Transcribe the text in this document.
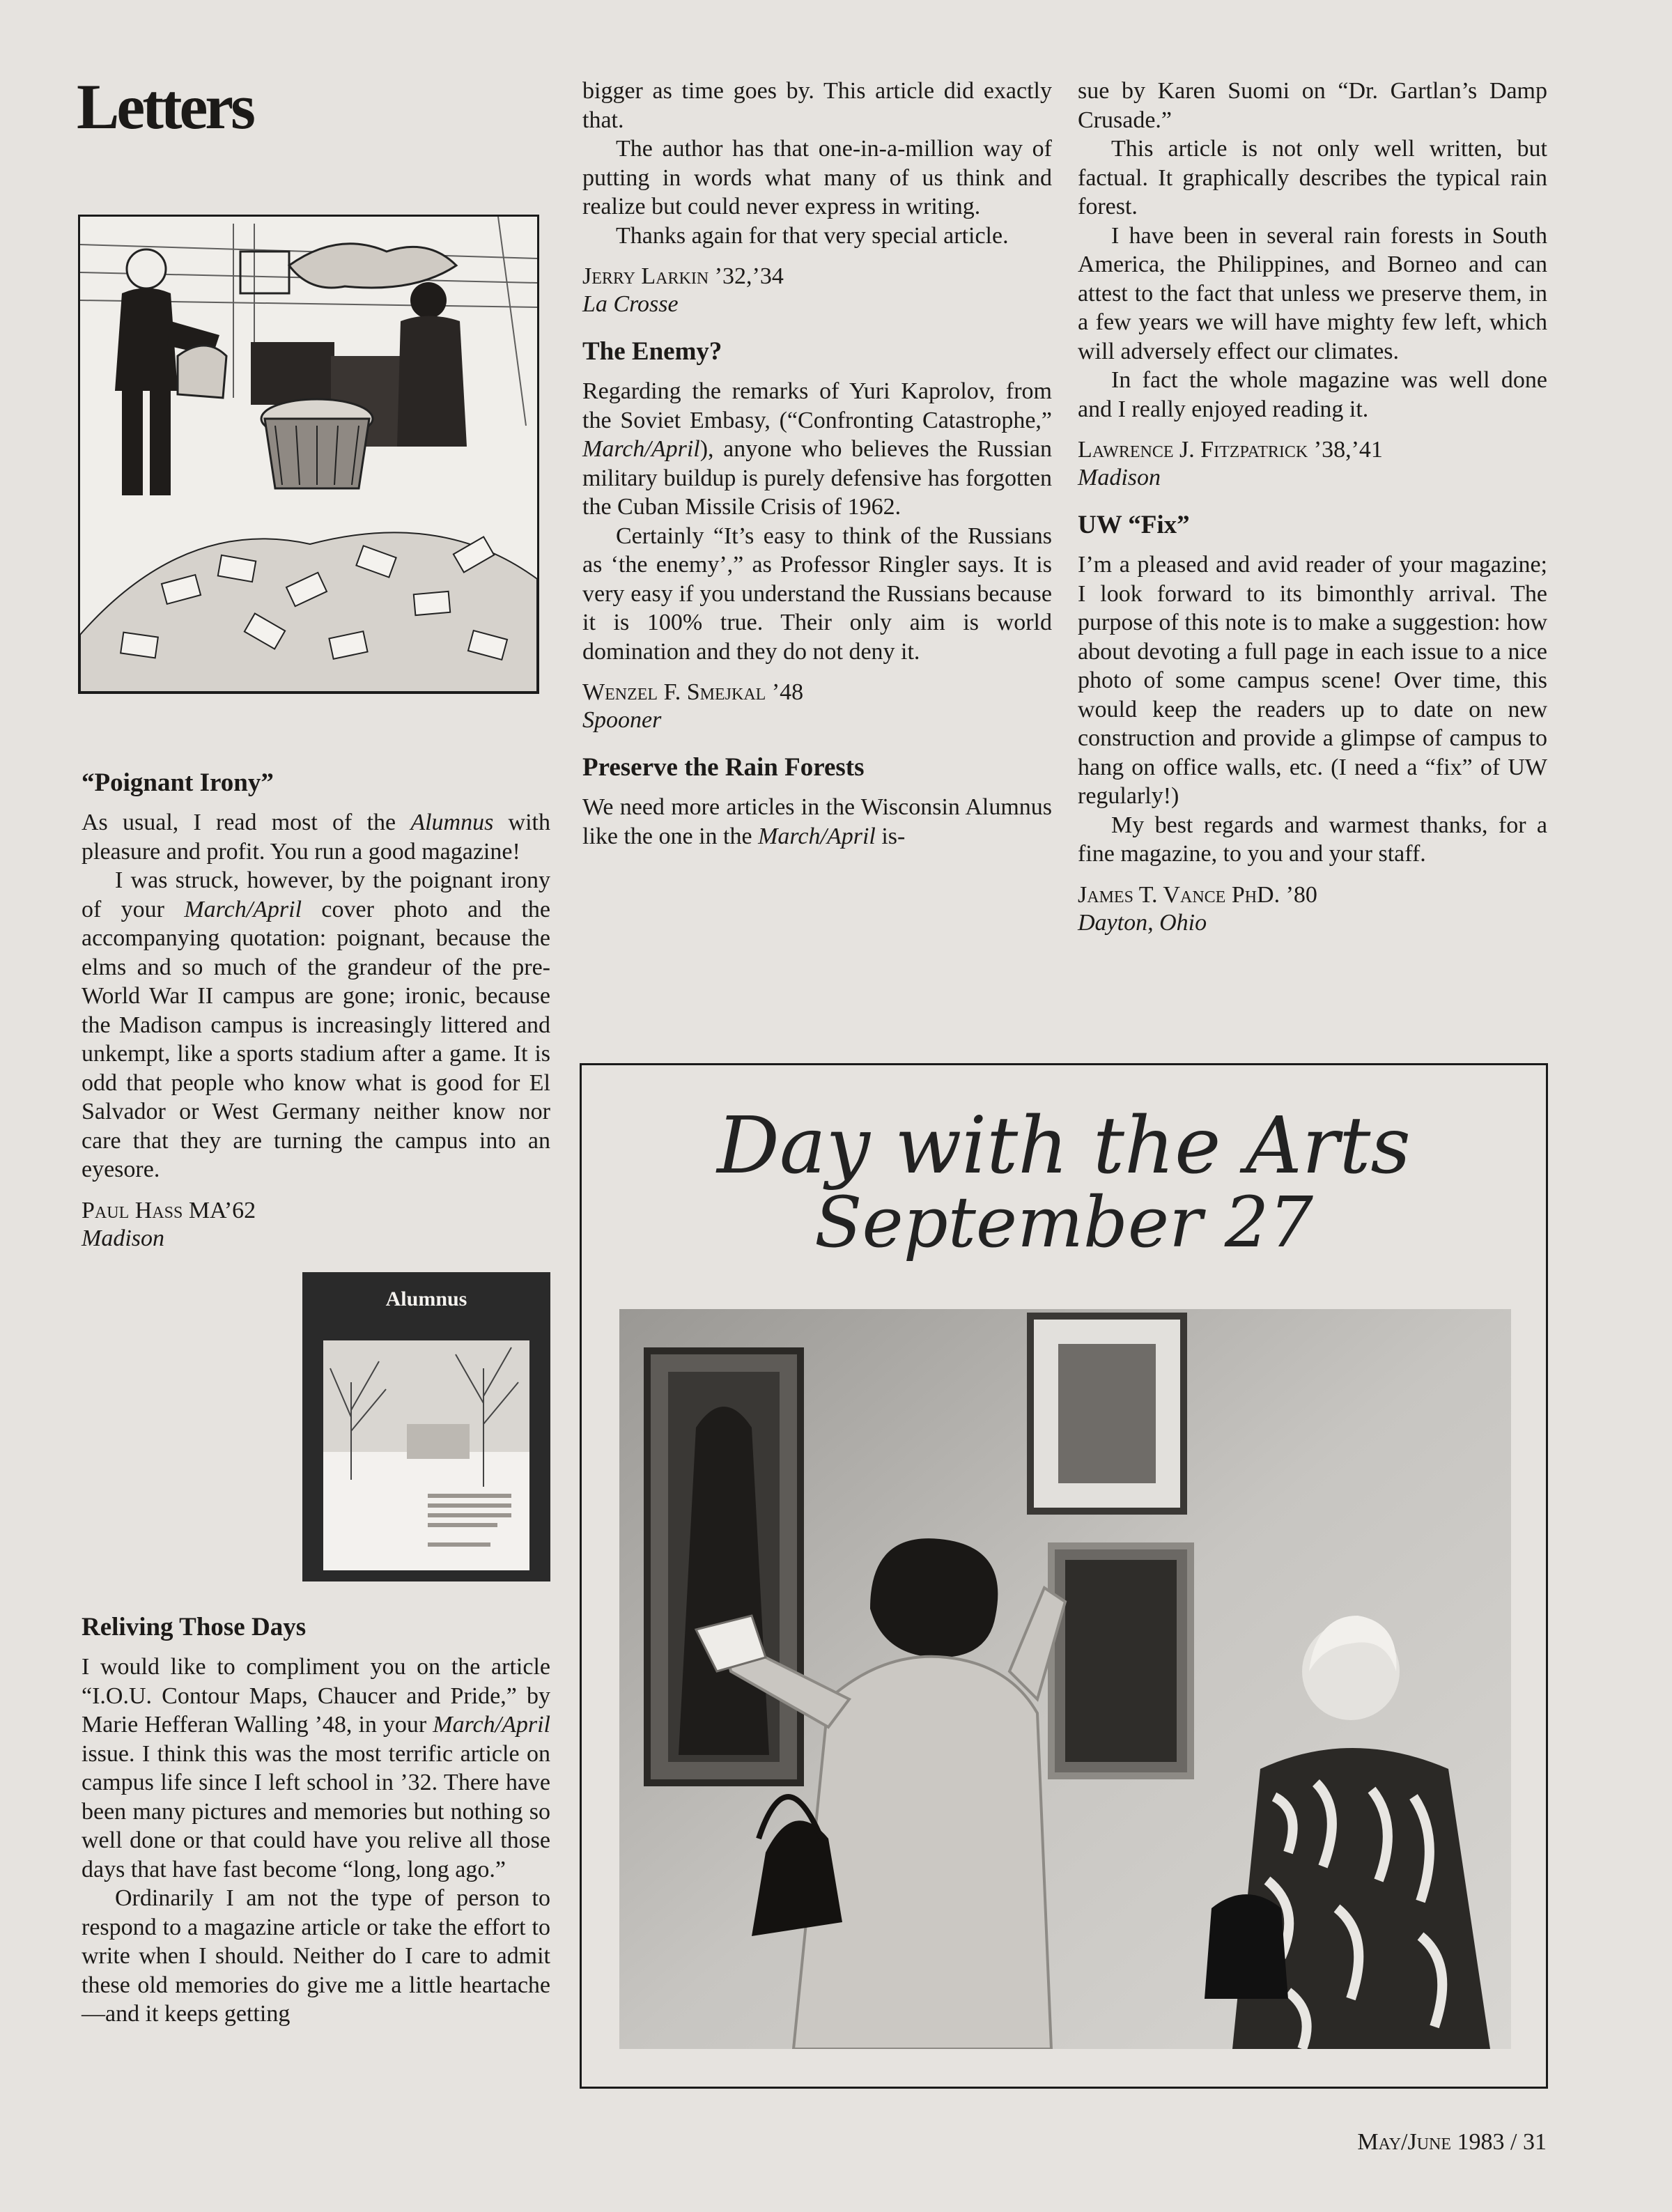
Letters
“Poignant Irony”

As usual, I read most of the Alumnus with pleasure and profit. You run a good magazine!

I was struck, however, by the poignant irony of your March/April cover photo and the accompanying quotation: poignant, because the elms and so much of the grandeur of the pre-World War II campus are gone; ironic, because the Madison campus is increasingly littered and unkempt, like a sports stadium after a game. It is odd that people who know what is good for El Salvador or West Germany neither know nor care that they are turning the campus into an eyesore.

Paul Hass MA’62
Madison
Alumnus
Reliving Those Days

I would like to compliment you on the article “I.O.U. Contour Maps, Chaucer and Pride,” by Marie Hefferan Walling ’48, in your March/April issue. I think this was the most terrific article on campus life since I left school in ’32. There have been many pictures and memories but nothing so well done or that could have you relive all those days that have fast become “long, long ago.”

Ordinarily I am not the type of person to respond to a magazine article or take the effort to write when I should. Neither do I care to admit these old memories do give me a little heartache—and it keeps getting

bigger as time goes by. This article did exactly that.

The author has that one-in-a-million way of putting in words what many of us think and realize but could never express in writing.

Thanks again for that very special article.

Jerry Larkin ’32,’34
La Crosse
The Enemy?

Regarding the remarks of Yuri Kaprolov, from the Soviet Embasy, (“Confronting Catastrophe,” March/April), anyone who believes the Russian military buildup is purely defensive has forgotten the Cuban Missile Crisis of 1962.

Certainly “It’s easy to think of the Russians as ‘the enemy’,” as Professor Ringler says. It is very easy if you understand the Russians because it is 100% true. Their only aim is world domination and they do not deny it.

Wenzel F. Smejkal ’48
Spooner
Preserve the Rain Forests

We need more articles in the Wisconsin Alumnus like the one in the March/April is-

sue by Karen Suomi on “Dr. Gartlan’s Damp Crusade.”

This article is not only well written, but factual. It graphically describes the typical rain forest.

I have been in several rain forests in South America, the Philippines, and Borneo and can attest to the fact that unless we preserve them, in a few years we will have mighty few left, which will adversely effect our climates.

In fact the whole magazine was well done and I really enjoyed reading it.

Lawrence J. Fitzpatrick ’38,’41
Madison
UW “Fix”

I’m a pleased and avid reader of your magazine; I look forward to its bimonthly arrival. The purpose of this note is to make a suggestion: how about devoting a full page in each issue to a nice photo of some campus scene! Over time, this would keep the readers up to date on new construction and provide a glimpse of campus to hang on office walls, etc. (I need a “fix” of UW regularly!)

My best regards and warmest thanks, for a fine magazine, to you and your staff.

James T. Vance PhD. ’80
Dayton, Ohio
Day with the Arts
September 27
May/June 1983 / 31
